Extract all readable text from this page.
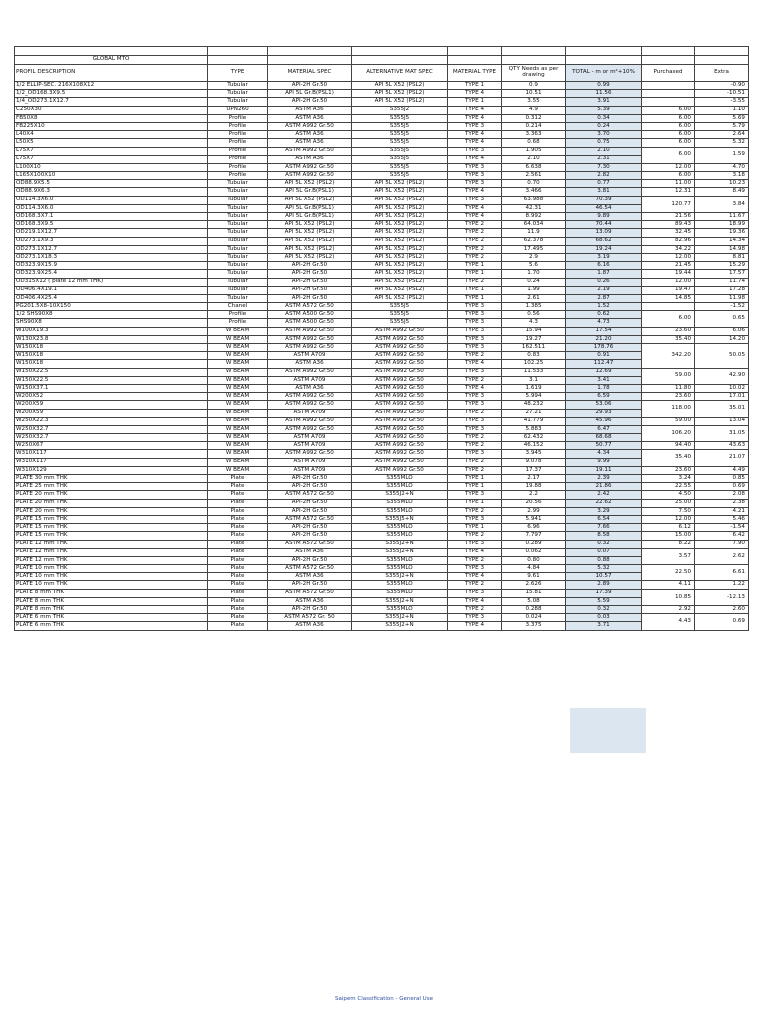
GLOBAL MTO								
PROFIL DESCRIPTION	TYPE	MATERIAL SPEC	ALTERNATIVE MAT SPEC	MATERIAL TYPE	QTY Needs as per drawing	TOTAL - m or m²+10%	Purchased	Extra
1/2 ELLIP-SEC. 216X108X12	Tubular	API-2H Gr.50	API 5L X52 (PSL2)	TYPE 1	0.9	0.99		-0.90
1/2_OD168.3X9.5	Tubular	API 5L Gr.B(PSL1)	API 5L X52 (PSL2)	TYPE 4	10.51	11.56		-10.51
1/4_OD273.1X12.7	Tubular	API-2H Gr.50	API 5L X52 (PSL2)	TYPE 1	3.55	3.91		-3.55
C250X30	UPN260	ASTM A36	S355J2	TYPE 4	4.9	5.39	6.00	1.10
FB50X8	Profile	ASTM A36	S355J5	TYPE 4	0.312	0.34	6.00	5.69
FB225X10	Profile	ASTM A992 Gr.50	S355J5	TYPE 3	0.214	0.24	6.00	5.79
L40X4	Profile	ASTM A36	S355J5	TYPE 4	3.363	3.70	6.00	2.64
L50X5	Profile	ASTM A36	S355J5	TYPE 4	0.68	0.75	6.00	5.32
L75X7	Profile	ASTM A992 Gr.50	S355J5	TYPE 3	1.905	2.10	6.00	1.59
L75X7	Profile	ASTM A36	S355J5	TYPE 4	2.10	2.31		
L100X10	Profile	ASTM A992 Gr.50	S355J5	TYPE 3	6.638	7.30	12.00	4.70
L165X100X10	Profile	ASTM A992 Gr.50	S355J5	TYPE 3	2.561	2.82	6.00	3.18
OD88.9X5.5	Tubular	API 5L X52 (PSL2)	API 5L X52 (PSL2)	TYPE 3	0.70	0.77	11.00	10.23
OD88.9X6.3	Tubular	API 5L Gr.B(PSL1)	API 5L X52 (PSL2)	TYPE 4	3.466	3.81	12.31	8.49
OD114.3X6.0	Tubular	API 5L X52 (PSL2)	API 5L X52 (PSL2)	TYPE 3	63.988	70.39	120.77	3.84
OD114.3X6.0	Tubular	API 5L Gr.B(PSL1)	API 5L X52 (PSL2)	TYPE 4	42.31	46.54		
OD168.3X7.1	Tubular	API 5L Gr.B(PSL1)	API 5L X52 (PSL2)	TYPE 4	8.992	9.89	21.56	11.67
OD168.3X9.5	Tubular	API 5L X52 (PSL2)	API 5L X52 (PSL2)	TYPE 2	64.034	70.44	89.43	18.99
OD219.1X12.7	Tubular	API 5L X52 (PSL2)	API 5L X52 (PSL2)	TYPE 2	11.9	13.09	32.45	19.36
OD273.1X9.3	Tubular	API 5L X52 (PSL2)	API 5L X52 (PSL2)	TYPE 2	62.378	68.62	82.96	14.34
OD273.1X12.7	Tubular	API 5L X52 (PSL2)	API 5L X52 (PSL2)	TYPE 2	17.495	19.24	34.22	14.98
OD273.1X18.3	Tubular	API 5L X52 (PSL2)	API 5L X52 (PSL2)	TYPE 2	2.9	3.19	12.00	8.81
OD323.9X15.9	Tubular	API-2H Gr.50	API 5L X52 (PSL2)	TYPE 1	5.6	6.16	21.45	15.29
OD323.9X25.4	Tubular	API-2H Gr.50	API 5L X52 (PSL2)	TYPE 1	1.70	1.87	19.44	17.57
OD315X12 ( plate 12 mm THK)	Tubular	API-2H Gr.50	API 5L X52 (PSL2)	TYPE 2	0.24	0.26	12.00	11.74
OD406.4X19.1	Tubular	API-2H Gr.50	API 5L X52 (PSL2)	TYPE 1	1.99	2.19	19.47	17.28
OD406.4X25.4	Tubular	API-2H Gr.50	API 5L X52 (PSL2)	TYPE 1	2.61	2.87	14.85	11.98
PG201.5X8-10X150	Chanel	ASTM A572 Gr.50	S355J5	TYPE 3	1.385	1.52		-1.52
1/2 SHS90X8	Profile	ASTM A500 Gr.50	S355J5	TYPE 3	0.56	0.62	6.00	0.65
SHS90X8	Profile	ASTM A500 Gr.50	S355J5	TYPE 3	4.3	4.73		
W100X19.3	W BEAM	ASTM A992 Gr.50	ASTM A992 Gr.50	TYPE 3	15.94	17.54	23.60	6.06
W130X23.8	W BEAM	ASTM A992 Gr.50	ASTM A992 Gr.50	TYPE 3	19.27	21.20	35.40	14.20
W150X18	W BEAM	ASTM A992 Gr.50	ASTM A992 Gr.50	TYPE 3	162.511	178.76	342.20	50.05
W150X18	W BEAM	ASTM A709	ASTM A992 Gr.50	TYPE 2	0.83	0.91		
W150X18	W BEAM	ASTM A36	ASTM A992 Gr.50	TYPE 4	102.25	112.47		
W150X22.5	W BEAM	ASTM A992 Gr.50	ASTM A992 Gr.50	TYPE 3	11.533	12.69	59.00	42.90
W150X22.5	W BEAM	ASTM A709	ASTM A992 Gr.50	TYPE 2	3.1	3.41		
W150X37.1	W BEAM	ASTM A36	ASTM A992 Gr.50	TYPE 4	1.619	1.78	11.80	10.02
W200X52	W BEAM	ASTM A992 Gr.50	ASTM A992 Gr.50	TYPE 3	5.994	6.59	23.60	17.01
W200X59	W BEAM	ASTM A992 Gr.50	ASTM A992 Gr.50	TYPE 3	48.232	53.06	118.00	35.01
W200X59	W BEAM	ASTM A709	ASTM A992 Gr.50	TYPE 2	27.21	29.93		
W250X22.3	W BEAM	ASTM A992 Gr.50	ASTM A992 Gr.50	TYPE 3	41.779	45.96	59.00	13.04
W250X32.7	W BEAM	ASTM A992 Gr.50	ASTM A992 Gr.50	TYPE 3	5.883	6.47	106.20	31.05
W250X32.7	W BEAM	ASTM A709	ASTM A992 Gr.50	TYPE 2	62.432	68.68		
W250X67	W BEAM	ASTM A709	ASTM A992 Gr.50	TYPE 2	46.152	50.77	94.40	43.63
W310X117	W BEAM	ASTM A992 Gr.50	ASTM A992 Gr.50	TYPE 3	3.945	4.34	35.40	21.07
W310X117	W BEAM	ASTM A709	ASTM A992 Gr.50	TYPE 2	9.078	9.99		
W310X129	W BEAM	ASTM A709	ASTM A992 Gr.50	TYPE 2	17.37	19.11	23.60	4.49
PLATE 30 mm THK	Plate	API-2H Gr.50	S355MLO	TYPE 1	2.17	2.39	3.24	0.85
PLATE 25 mm THK	Plate	API-2H Gr.50	S355MLO	TYPE 1	19.88	21.86	22.55	0.69
PLATE 20 mm THK	Plate	ASTM A572 Gr.50	S355J2+N	TYPE 3	2.2	2.42	4.50	2.08
PLATE 20 mm THK	Plate	API-2H Gr.50	S355MLO	TYPE 1	20.56	22.62	25.00	2.38
PLATE 20 mm THK	Plate	API-2H Gr.50	S355MLO	TYPE 2	2.99	3.29	7.50	4.21
PLATE 15 mm THK	Plate	ASTM A572 Gr.50	S355J5+N	TYPE 3	5.941	6.54	12.00	5.46
PLATE 15 mm THK	Plate	API-2H Gr.50	S355MLO	TYPE 1	6.96	7.66	6.12	-1.54
PLATE 15 mm THK	Plate	API-2H Gr.50	S355MLO	TYPE 2	7.797	8.58	15.00	6.42
PLATE 12 mm THK	Plate	ASTM A572 Gr.50	S355J2+N	TYPE 3	0.289	0.32	8.22	7.90
PLATE 12 mm THK	Plate	ASTM A36	S355J2+N	TYPE 4	0.062	0.07	3.57	2.62
PLATE 12 mm THK	Plate	API-2H Gr.50	S355MLO	TYPE 2	0.80	0.88		
PLATE 10 mm THK	Plate	ASTM A572 Gr.50	S355MLO	TYPE 3	4.84	5.32	22.50	6.61
PLATE 10 mm THK	Plate	ASTM A36	S355J2+N	TYPE 4	9.61	10.57		
PLATE 10 mm THK	Plate	API-2H Gr.50	S355MLO	TYPE 2	2.626	2.89	4.11	1.22
PLATE 8 mm THK	Plate	ASTM A572 Gr.50	S355MLO	TYPE 3	15.81	17.39	10.85	-12.13
PLATE 8 mm THK	Plate	ASTM A36	S355J2+N	TYPE 4	5.08	5.59		
PLATE 8 mm THK	Plate	API-2H Gr.50	S355MLO	TYPE 2	0.288	0.32	2.92	2.60
PLATE 6 mm THK	Plate	ASTM A572 Gr. 50	S355J2+N	TYPE 3	0.024	0.03	4.43	0.69
PLATE 6 mm THK	Plate	ASTM A36	S355J2+N	TYPE 4	3.375	3.71		
Saipem Classification - General Use
